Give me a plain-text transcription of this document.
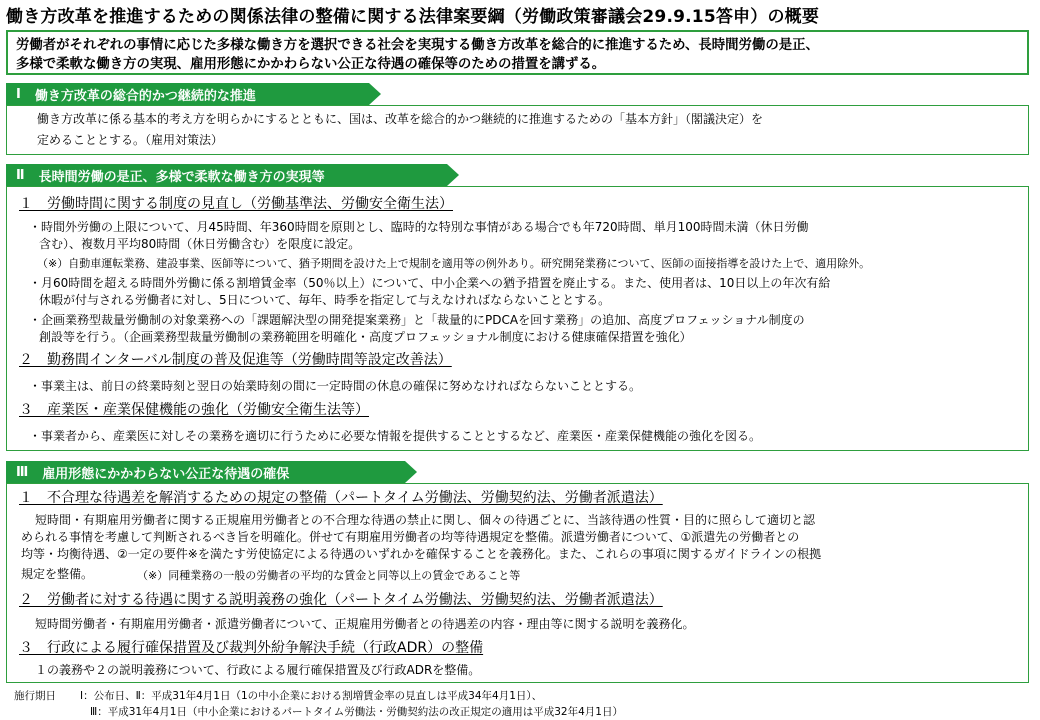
働き方改革を推進するための関係法律の整備に関する法律案要綱（労働政策審議会29.9.15答申）の概要
労働者がそれぞれの事情に応じた多様な働き方を選択できる社会を実現する働き方改革を総合的に推進するため、長時間労働の是正、
多様で柔軟な働き方の実現、雇用形態にかかわらない公正な待遇の確保等のための措置を講ずる。
Ⅰ 働き方改革の総合的かつ継続的な推進
働き方改革に係る基本的考え方を明らかにするとともに、国は、改革を総合的かつ継続的に推進するための「基本方針」（閣議決定）を
定めることとする。（雇用対策法）
Ⅱ 長時間労働の是正、多様で柔軟な働き方の実現等
１　労働時間に関する制度の見直し（労働基準法、労働安全衛生法）
・時間外労働の上限について、月45時間、年360時間を原則とし、臨時的な特別な事情がある場合でも年720時間、単月100時間未満（休日労働
含む）、複数月平均80時間（休日労働含む）を限度に設定。
（※）自動車運転業務、建設事業、医師等について、猶予期間を設けた上で規制を適用等の例外あり。研究開発業務について、医師の面接指導を設けた上で、適用除外。
・月60時間を超える時間外労働に係る割増賃金率（50％以上）について、中小企業への猶予措置を廃止する。また、使用者は、10日以上の年次有給
休暇が付与される労働者に対し、5日について、毎年、時季を指定して与えなければならないこととする。
・企画業務型裁量労働制の対象業務への「課題解決型の開発提案業務」と「裁量的にPDCAを回す業務」の追加、高度プロフェッショナル制度の
創設等を行う。（企画業務型裁量労働制の業務範囲を明確化・高度プロフェッショナル制度における健康確保措置を強化）
２　勤務間インターバル制度の普及促進等（労働時間等設定改善法）
・事業主は、前日の終業時刻と翌日の始業時刻の間に一定時間の休息の確保に努めなければならないこととする。
３　産業医・産業保健機能の強化（労働安全衛生法等）
・事業者から、産業医に対しその業務を適切に行うために必要な情報を提供することとするなど、産業医・産業保健機能の強化を図る。
Ⅲ 雇用形態にかかわらない公正な待遇の確保
１　不合理な待遇差を解消するための規定の整備（パートタイム労働法、労働契約法、労働者派遣法）
短時間・有期雇用労働者に関する正規雇用労働者との不合理な待遇の禁止に関し、個々の待遇ごとに、当該待遇の性質・目的に照らして適切と認
められる事情を考慮して判断されるべき旨を明確化。併せて有期雇用労働者の均等待遇規定を整備。派遣労働者について、①派遣先の労働者との
均等・均衡待遇、②一定の要件※を満たす労使協定による待遇のいずれかを確保することを義務化。また、これらの事項に関するガイドラインの根拠
規定を整備。	（※）同種業務の一般の労働者の平均的な賃金と同等以上の賃金であること等
２　労働者に対する待遇に関する説明義務の強化（パートタイム労働法、労働契約法、労働者派遣法）
短時間労働者・有期雇用労働者・派遣労働者について、正規雇用労働者との待遇差の内容・理由等に関する説明を義務化。
３　行政による履行確保措置及び裁判外紛争解決手続（行政ADR）の整備
１の義務や２の説明義務について、行政による履行確保措置及び行政ADRを整備。
施行期日 Ⅰ：公布日、Ⅱ：平成31年4月1日（1の中小企業における割増賃金率の見直しは平成34年4月1日）、
Ⅲ：平成31年4月1日（中小企業におけるパートタイム労働法・労働契約法の改正規定の適用は平成32年4月1日）
